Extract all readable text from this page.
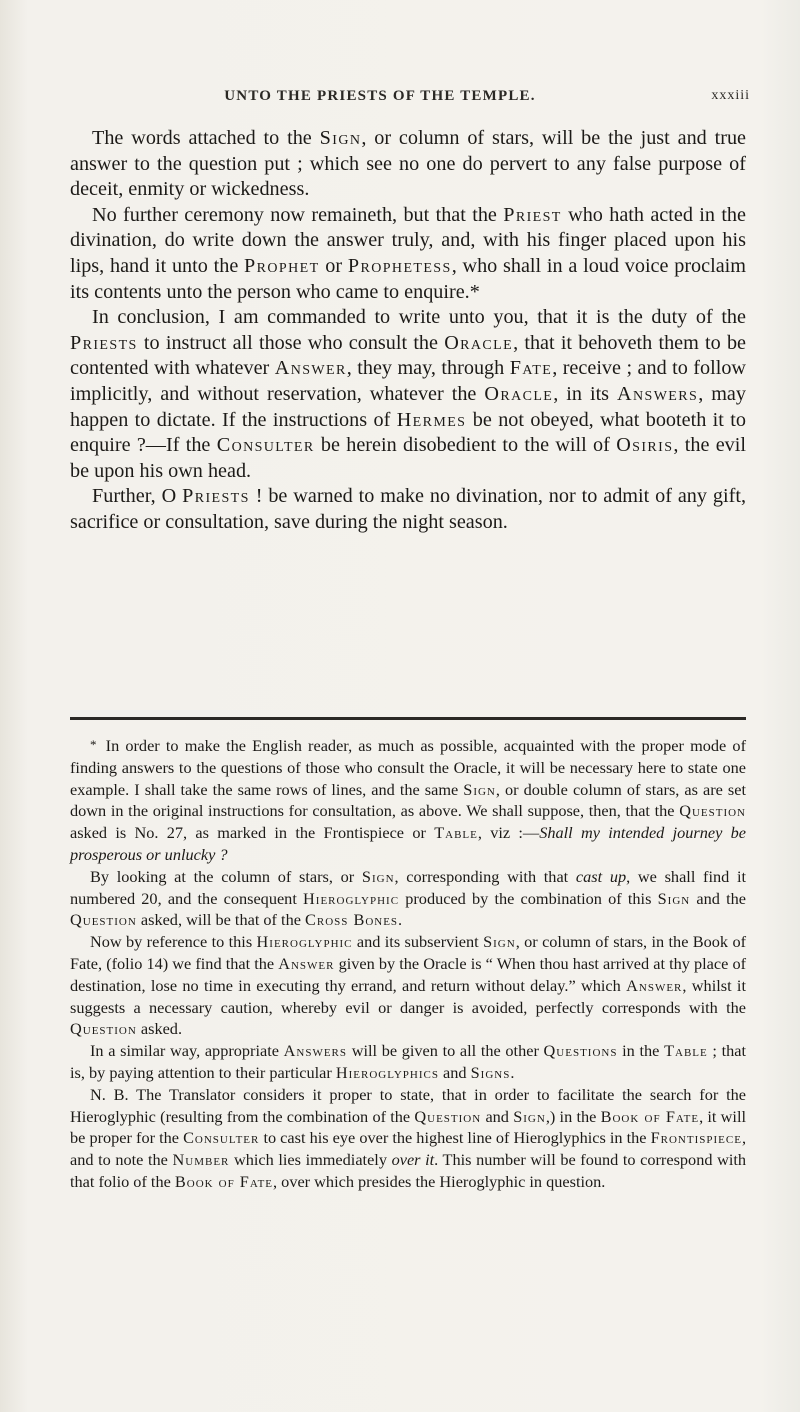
UNTO THE PRIESTS OF THE TEMPLE.	xxxiii

The words attached to the Sign, or column of stars, will be the just and true answer to the question put ; which see no one do pervert to any false purpose of deceit, enmity or wickedness.

No further ceremony now remaineth, but that the Priest who hath acted in the divination, do write down the answer truly, and, with his finger placed upon his lips, hand it unto the Prophet or Prophetess, who shall in a loud voice proclaim its contents unto the person who came to enquire.*

In conclusion, I am commanded to write unto you, that it is the duty of the Priests to instruct all those who consult the Oracle, that it behoveth them to be contented with whatever Answer, they may, through Fate, receive ; and to follow implicitly, and without reservation, whatever the Oracle, in its Answers, may happen to dictate. If the instructions of Hermes be not obeyed, what booteth it to enquire ?—If the Consulter be herein disobedient to the will of Osiris, the evil be upon his own head.

Further, O Priests ! be warned to make no divination, nor to admit of any gift, sacrifice or consultation, save during the night season.

* In order to make the English reader, as much as possible, acquainted with the proper mode of finding answers to the questions of those who consult the Oracle, it will be necessary here to state one example. I shall take the same rows of lines, and the same Sign, or double column of stars, as are set down in the original instructions for consultation, as above. We shall suppose, then, that the Question asked is No. 27, as marked in the Frontispiece or Table, viz :—Shall my intended journey be prosperous or unlucky ?

By looking at the column of stars, or Sign, corresponding with that cast up, we shall find it numbered 20, and the consequent Hieroglyphic produced by the combination of this Sign and the Question asked, will be that of the Cross Bones.

Now by reference to this Hieroglyphic and its subservient Sign, or column of stars, in the Book of Fate, (folio 14) we find that the Answer given by the Oracle is “ When thou hast arrived at thy place of destination, lose no time in executing thy errand, and return without delay.” which Answer, whilst it suggests a necessary caution, whereby evil or danger is avoided, perfectly corresponds with the Question asked.

In a similar way, appropriate Answers will be given to all the other Questions in the Table ; that is, by paying attention to their particular Hieroglyphics and Signs.

N. B. The Translator considers it proper to state, that in order to facilitate the search for the Hieroglyphic (resulting from the combination of the Question and Sign,) in the Book of Fate, it will be proper for the Consulter to cast his eye over the highest line of Hieroglyphics in the Frontispiece, and to note the Number which lies immediately over it. This number will be found to correspond with that folio of the Book of Fate, over which presides the Hieroglyphic in question.
